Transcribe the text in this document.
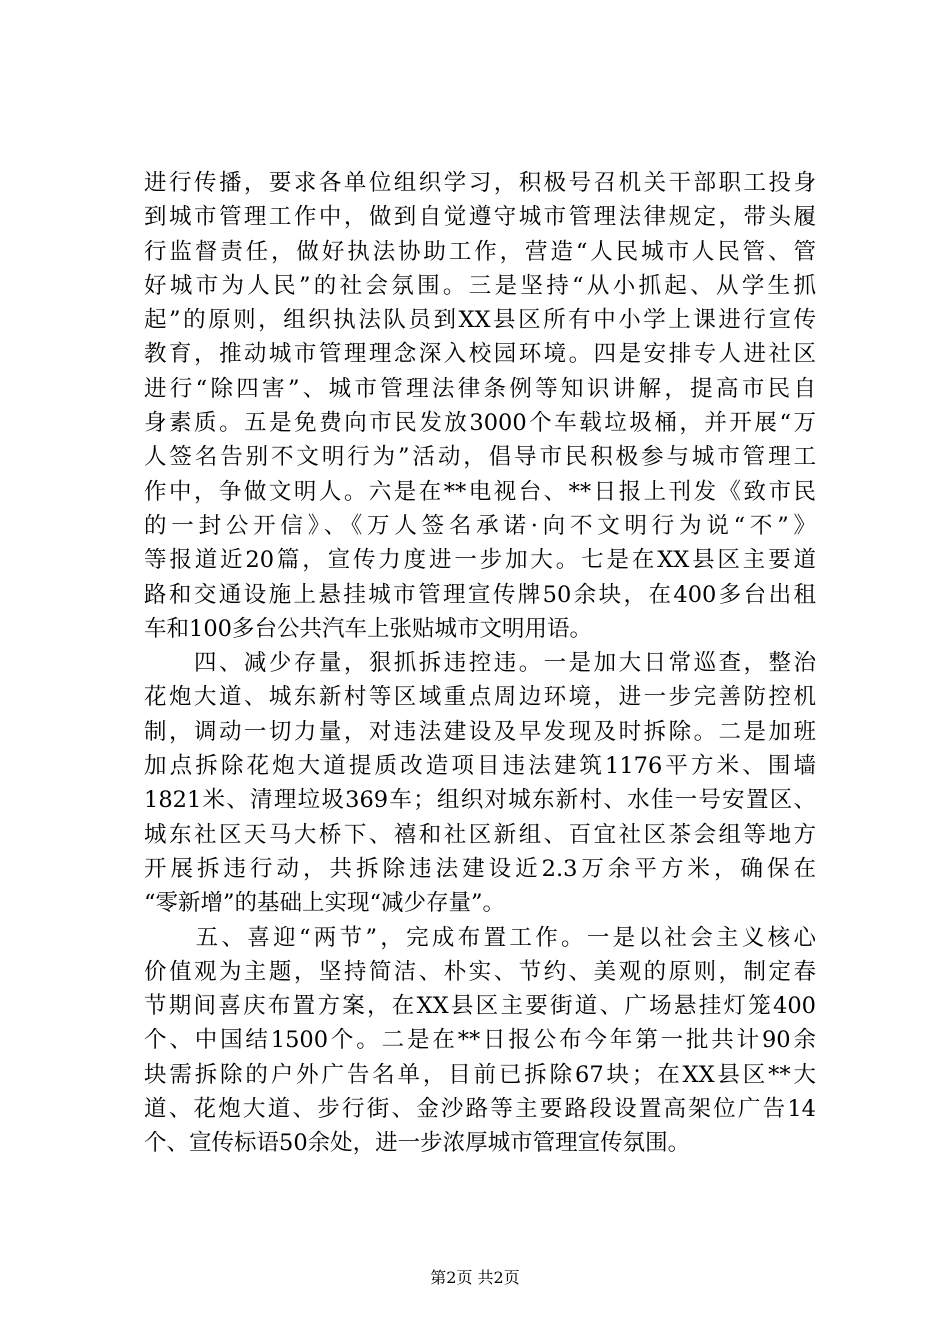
进行传播，要求各单位组织学习，积极号召机关干部职工投身
到城市管理工作中，做到自觉遵守城市管理法律规定，带头履
行监督责任，做好执法协助工作，营造“人民城市人民管、管
好城市为人民”的社会氛围。三是坚持“从小抓起、从学生抓
起”的原则，组织执法队员到XX县区所有中小学上课进行宣传
教育，推动城市管理理念深入校园环境。四是安排专人进社区
进行“除四害”、城市管理法律条例等知识讲解，提高市民自
身素质。五是免费向市民发放3000个车载垃圾桶，并开展“万
人签名告别不文明行为”活动，倡导市民积极参与城市管理工
作中，争做文明人。六是在**电视台、**日报上刊发《致市民
的一封公开信》、《万人签名承诺·向不文明行为说“不”》
等报道近20篇，宣传力度进一步加大。七是在XX县区主要道
路和交通设施上悬挂城市管理宣传牌50余块，在400多台出租
车和100多台公共汽车上张贴城市文明用语。
　　四、减少存量，狠抓拆违控违。一是加大日常巡查，整治
花炮大道、城东新村等区域重点周边环境，进一步完善防控机
制，调动一切力量，对违法建设及早发现及时拆除。二是加班
加点拆除花炮大道提质改造项目违法建筑1176平方米、围墙
1821米、清理垃圾369车；组织对城东新村、水佳一号安置区、
城东社区天马大桥下、禧和社区新组、百宜社区茶会组等地方
开展拆违行动，共拆除违法建设近2.3万余平方米，确保在
“零新增”的基础上实现“减少存量”。
　　五、喜迎“两节”，完成布置工作。一是以社会主义核心
价值观为主题，坚持简洁、朴实、节约、美观的原则，制定春
节期间喜庆布置方案，在XX县区主要街道、广场悬挂灯笼400
个、中国结1500个。二是在**日报公布今年第一批共计90余
块需拆除的户外广告名单，目前已拆除67块；在XX县区**大
道、花炮大道、步行街、金沙路等主要路段设置高架位广告14
个、宣传标语50余处，进一步浓厚城市管理宣传氛围。
第2页 共2页
